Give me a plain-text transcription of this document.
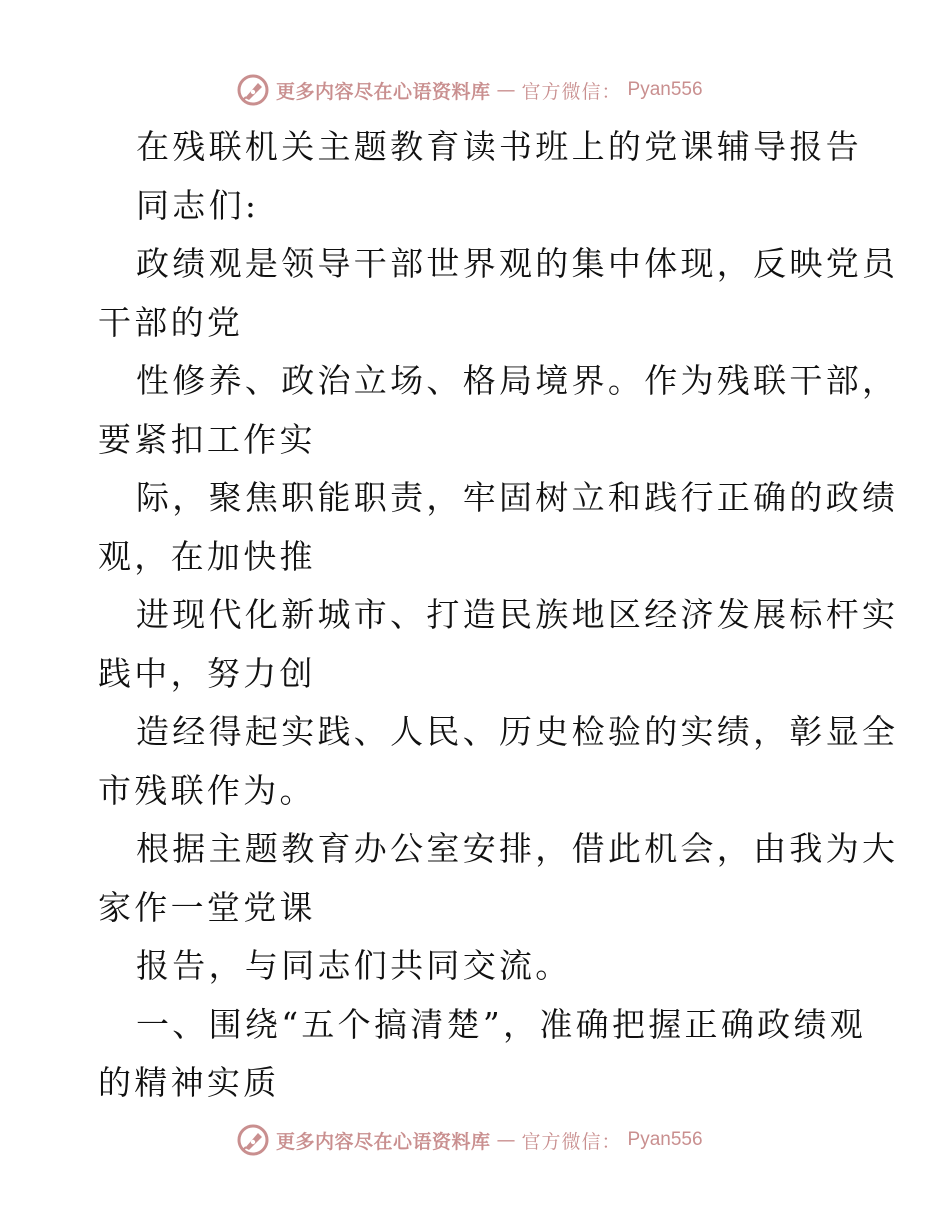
更多内容尽在心语资料库 — 官方微信： Pyan556
在残联机关主题教育读书班上的党课辅导报告
同志们:
政绩观是领导干部世界观的集中体现，反映党员
干部的党
性修养、政治立场、格局境界。作为残联干部，
要紧扣工作实
际，聚焦职能职责，牢固树立和践行正确的政绩
观，在加快推
进现代化新城市、打造民族地区经济发展标杆实
践中，努力创
造经得起实践、人民、历史检验的实绩，彰显全
市残联作为。
根据主题教育办公室安排，借此机会，由我为大
家作一堂党课
报告，与同志们共同交流。
一、围绕“五个搞清楚”，准确把握正确政绩观
的精神实质
更多内容尽在心语资料库 — 官方微信： Pyan556
